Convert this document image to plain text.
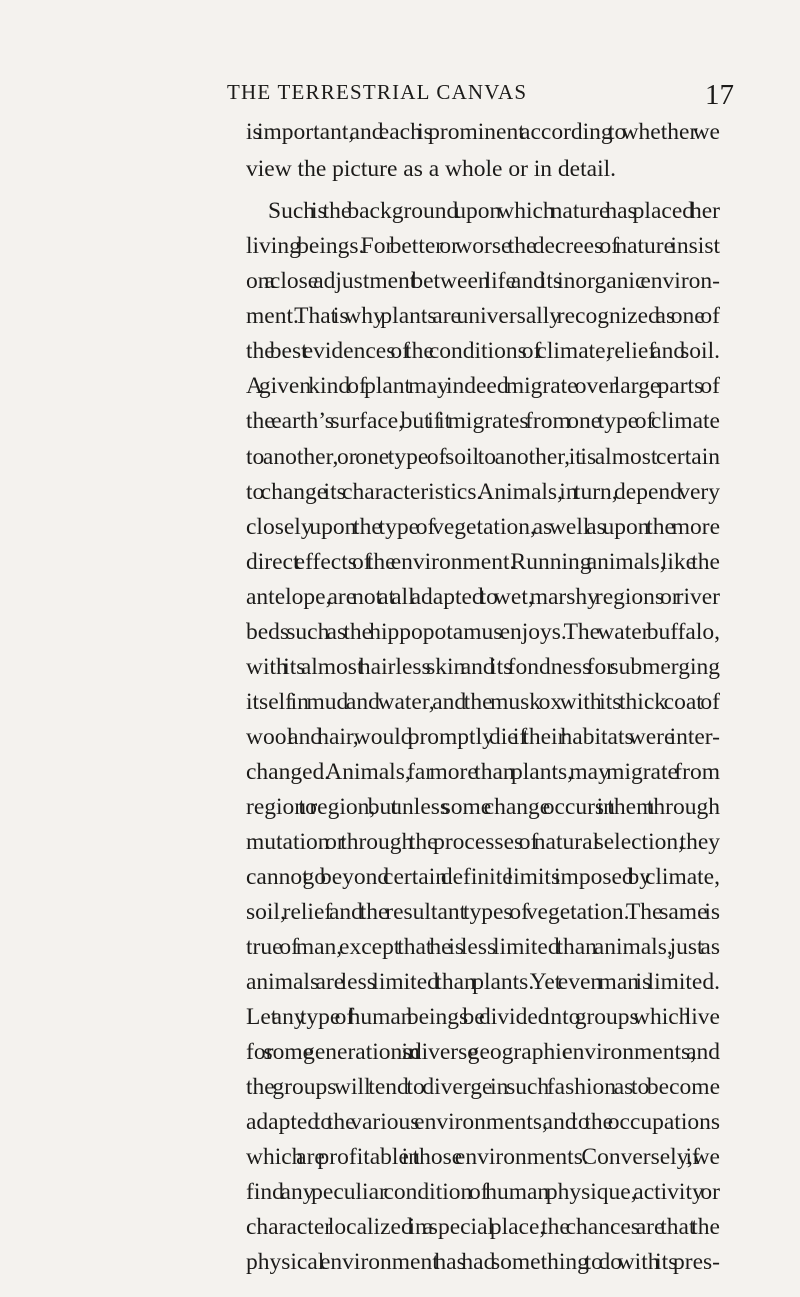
THE TERRESTRIAL CANVAS	17
is important, and each is prominent according to whether we
view the picture as a whole or in detail.
Such is the background upon which nature has placed her
living beings. For better or worse the decrees of nature insist
on a close adjustment between life and its inorganic environ-
ment. That is why plants are universally recognized as one of
the best evidences of the conditions of climate, relief and soil.
A given kind of plant may indeed migrate over large parts of
the earth’s surface, but if it migrates from one type of climate
to another, or one type of soil to another, it is almost certain
to change its characteristics. Animals, in turn, depend very
closely upon the type of vegetation, as well as upon the more
direct effects of the environment. Running animals, like the
antelope, are not at all adapted to wet, marshy regions or river
beds such as the hippopotamus enjoys. The water buffalo,
with its almost hairless skin and its fondness for submerging
itself in mud and water, and the musk ox with its thick coat of
wool and hair, would promptly die if their habitats were inter-
changed. Animals, far more than plants, may migrate from
region to region, but unless some change occurs in them through
mutation or through the processes of natural selection, they
cannot go beyond certain definite limits imposed by climate,
soil, relief and the resultant types of vegetation. The same is
true of man, except that he is less limited than animals, just as
animals are less limited than plants. Yet even man is limited.
Let any type of human beings be divided into groups which live
for some generations in diverse geographic environments, and
the groups will tend to diverge in such fashion as to become
adapted to the various environments, and to the occupations
which are profitable in those environments. Conversely, if we
find any peculiar condition of human physique, activity or
character localized in a special place, the chances are that the
physical environment has had something to do with its pres-
